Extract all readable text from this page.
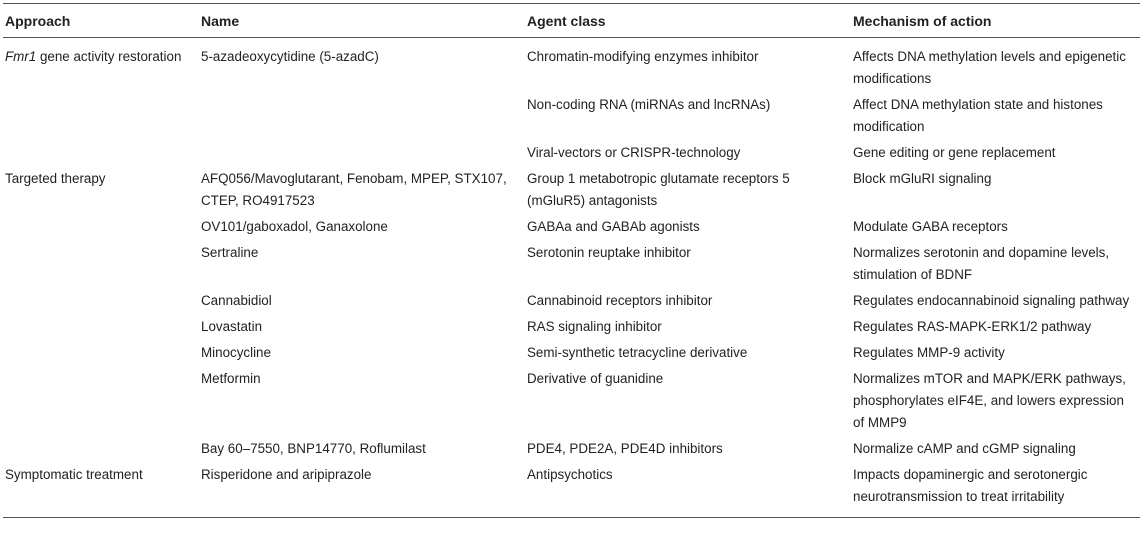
Approach	Name	Agent class	Mechanism of action
Fmr1 gene activity restoration	5-azadeoxycytidine (5-azadC)	Chromatin-modifying enzymes inhibitor	Affects DNA methylation levels and epigenetic modifications
		Non-coding RNA (miRNAs and lncRNAs)	Affect DNA methylation state and histones modification
		Viral-vectors or CRISPR-technology	Gene editing or gene replacement
Targeted therapy	AFQ056/Mavoglutarant, Fenobam, MPEP, STX107, CTEP, RO4917523	Group 1 metabotropic glutamate receptors 5 (mGluR5) antagonists	Block mGluRI signaling
	OV101/gaboxadol, Ganaxolone	GABAa and GABAb agonists	Modulate GABA receptors
	Sertraline	Serotonin reuptake inhibitor	Normalizes serotonin and dopamine levels, stimulation of BDNF
	Cannabidiol	Cannabinoid receptors inhibitor	Regulates endocannabinoid signaling pathway
	Lovastatin	RAS signaling inhibitor	Regulates RAS-MAPK-ERK1/2 pathway
	Minocycline	Semi-synthetic tetracycline derivative	Regulates MMP-9 activity
	Metformin	Derivative of guanidine	Normalizes mTOR and MAPK/ERK pathways, phosphorylates eIF4E, and lowers expression of MMP9
	Bay 60–7550, BNP14770, Roflumilast	PDE4, PDE2A, PDE4D inhibitors	Normalize cAMP and cGMP signaling
Symptomatic treatment	Risperidone and aripiprazole	Antipsychotics	Impacts dopaminergic and serotonergic neurotransmission to treat irritability
